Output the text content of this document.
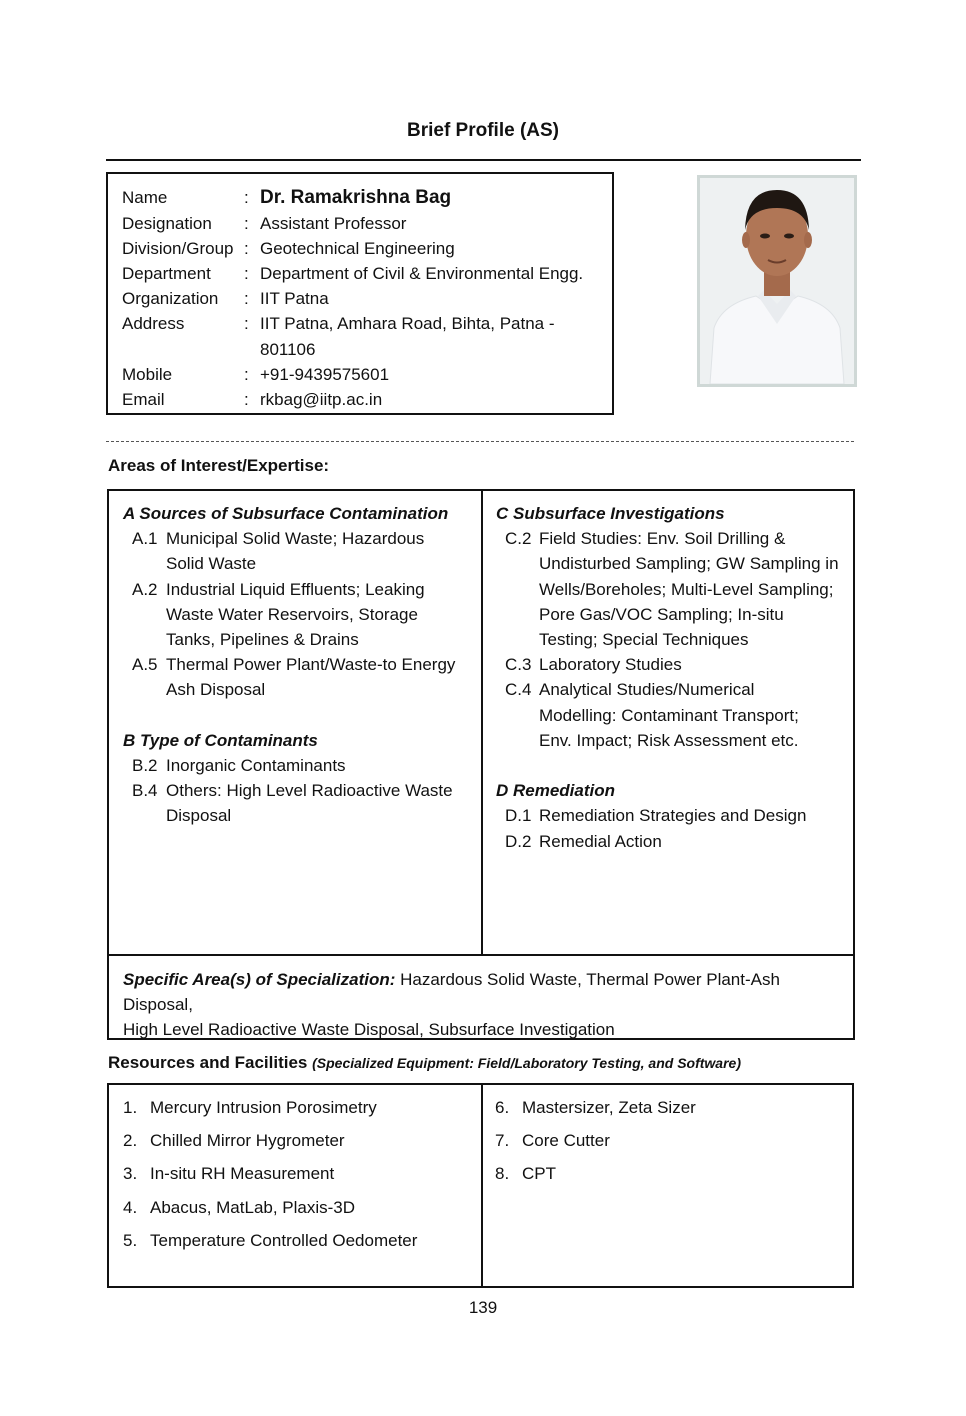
Brief Profile (AS)
Name	: Dr. Ramakrishna Bag
Designation	: Assistant Professor
Division/Group : Geotechnical Engineering
Department	: Department of Civil & Environmental Engg.
Organization	: IIT Patna
Address	: IIT Patna, Amhara Road, Bihta, Patna -
801106
Mobile	: +91-9439575601
Email	: rkbag@iitp.ac.in
Areas of Interest/Expertise:
A Sources of Subsurface Contamination
A.1 Municipal Solid Waste; Hazardous
Solid Waste
A.2 Industrial Liquid Effluents; Leaking
Waste Water Reservoirs, Storage
Tanks, Pipelines & Drains
A.5 Thermal Power Plant/Waste-to Energy
Ash Disposal
B Type of Contaminants
B.2 Inorganic Contaminants
B.4 Others: High Level Radioactive Waste
Disposal
C Subsurface Investigations
C.2 Field Studies: Env. Soil Drilling &
Undisturbed Sampling; GW Sampling in
Wells/Boreholes; Multi-Level Sampling;
Pore Gas/VOC Sampling; In-situ
Testing; Special Techniques
C.3 Laboratory Studies
C.4 Analytical Studies/Numerical
Modelling: Contaminant Transport;
Env. Impact; Risk Assessment etc.
D Remediation
D.1 Remediation Strategies and Design
D.2 Remedial Action
Specific Area(s) of Specialization: Hazardous Solid Waste, Thermal Power Plant-Ash Disposal,
High Level Radioactive Waste Disposal, Subsurface Investigation
Resources and Facilities (Specialized Equipment: Field/Laboratory Testing, and Software)
1. Mercury Intrusion Porosimetry
2. Chilled Mirror Hygrometer
3. In-situ RH Measurement
4. Abacus, MatLab, Plaxis-3D
5. Temperature Controlled Oedometer
6. Mastersizer, Zeta Sizer
7. Core Cutter
8. CPT
139
